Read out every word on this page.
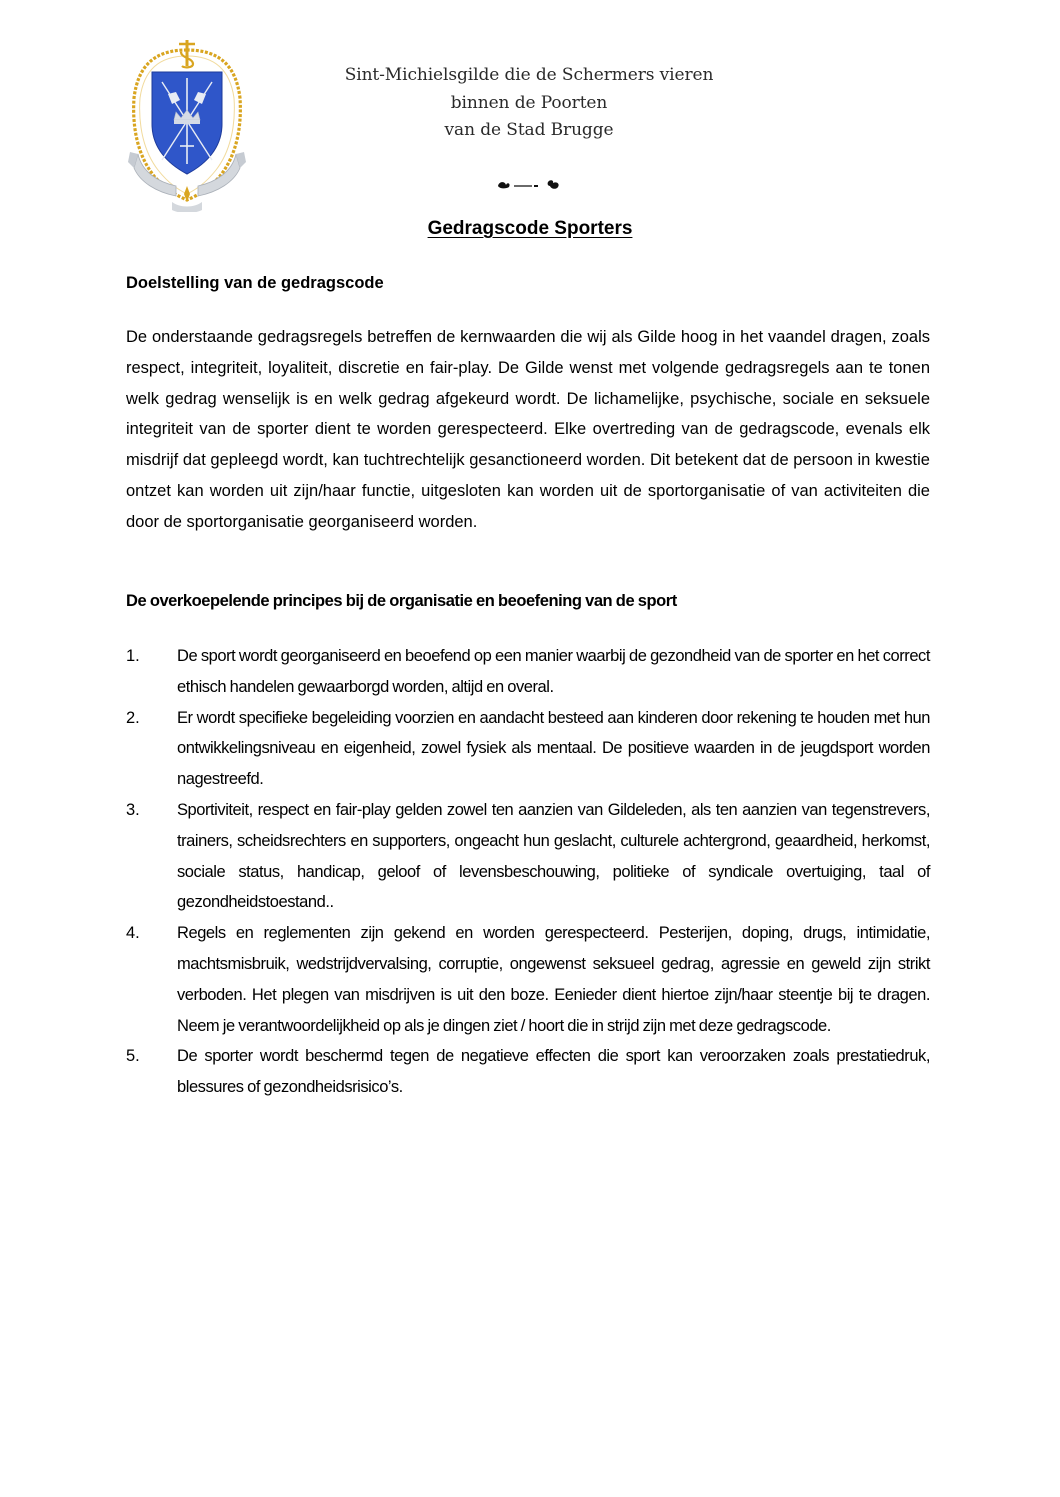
Sint-Michielsgilde die de Schermers vieren
binnen de Poorten
van de Stad Brugge
Gedragscode Sporters
Doelstelling van de gedragscode

De onderstaande gedragsregels betreffen de kernwaarden die wij als Gilde hoog in het vaandel dragen, zoals respect, integriteit, loyaliteit, discretie en fair-play. De Gilde wenst met volgende gedragsregels aan te tonen welk gedrag wenselijk is en welk gedrag afgekeurd wordt. De lichamelijke, psychische, sociale en seksuele integriteit van de sporter dient te worden gerespecteerd. Elke overtreding van de gedragscode, evenals elk misdrijf dat gepleegd wordt, kan tuchtrechtelijk gesanctioneerd worden. Dit betekent dat de persoon in kwestie ontzet kan worden uit zijn/haar functie, uitgesloten kan worden uit de sportorganisatie of van activiteiten die door de sportorganisatie georganiseerd worden.

De overkoepelende principes bij de organisatie en beoefening van de sport
1. De sport wordt georganiseerd en beoefend op een manier waarbij de gezondheid van de sporter en het correct ethisch handelen gewaarborgd worden, altijd en overal.
2. Er wordt specifieke begeleiding voorzien en aandacht besteed aan kinderen door rekening te houden met hun ontwikkelingsniveau en eigenheid, zowel fysiek als mentaal. De positieve waarden in de jeugdsport worden nagestreefd.
3. Sportiviteit, respect en fair-play gelden zowel ten aanzien van Gildeleden, als ten aanzien van tegenstrevers, trainers, scheidsrechters en supporters, ongeacht hun geslacht, culturele achtergrond, geaardheid, herkomst, sociale status, handicap, geloof of levensbeschouwing, politieke of syndicale overtuiging, taal of gezondheidstoestand..
4. Regels en reglementen zijn gekend en worden gerespecteerd. Pesterijen, doping, drugs, intimidatie, machtsmisbruik, wedstrijdvervalsing, corruptie, ongewenst seksueel gedrag, agressie en geweld zijn strikt verboden. Het plegen van misdrijven is uit den boze. Eenieder dient hiertoe zijn/haar steentje bij te dragen. Neem je verantwoordelijkheid op als je dingen ziet / hoort die in strijd zijn met deze gedragscode.
5. De sporter wordt beschermd tegen de negatieve effecten die sport kan veroorzaken zoals prestatiedruk, blessures of gezondheidsrisico’s.
